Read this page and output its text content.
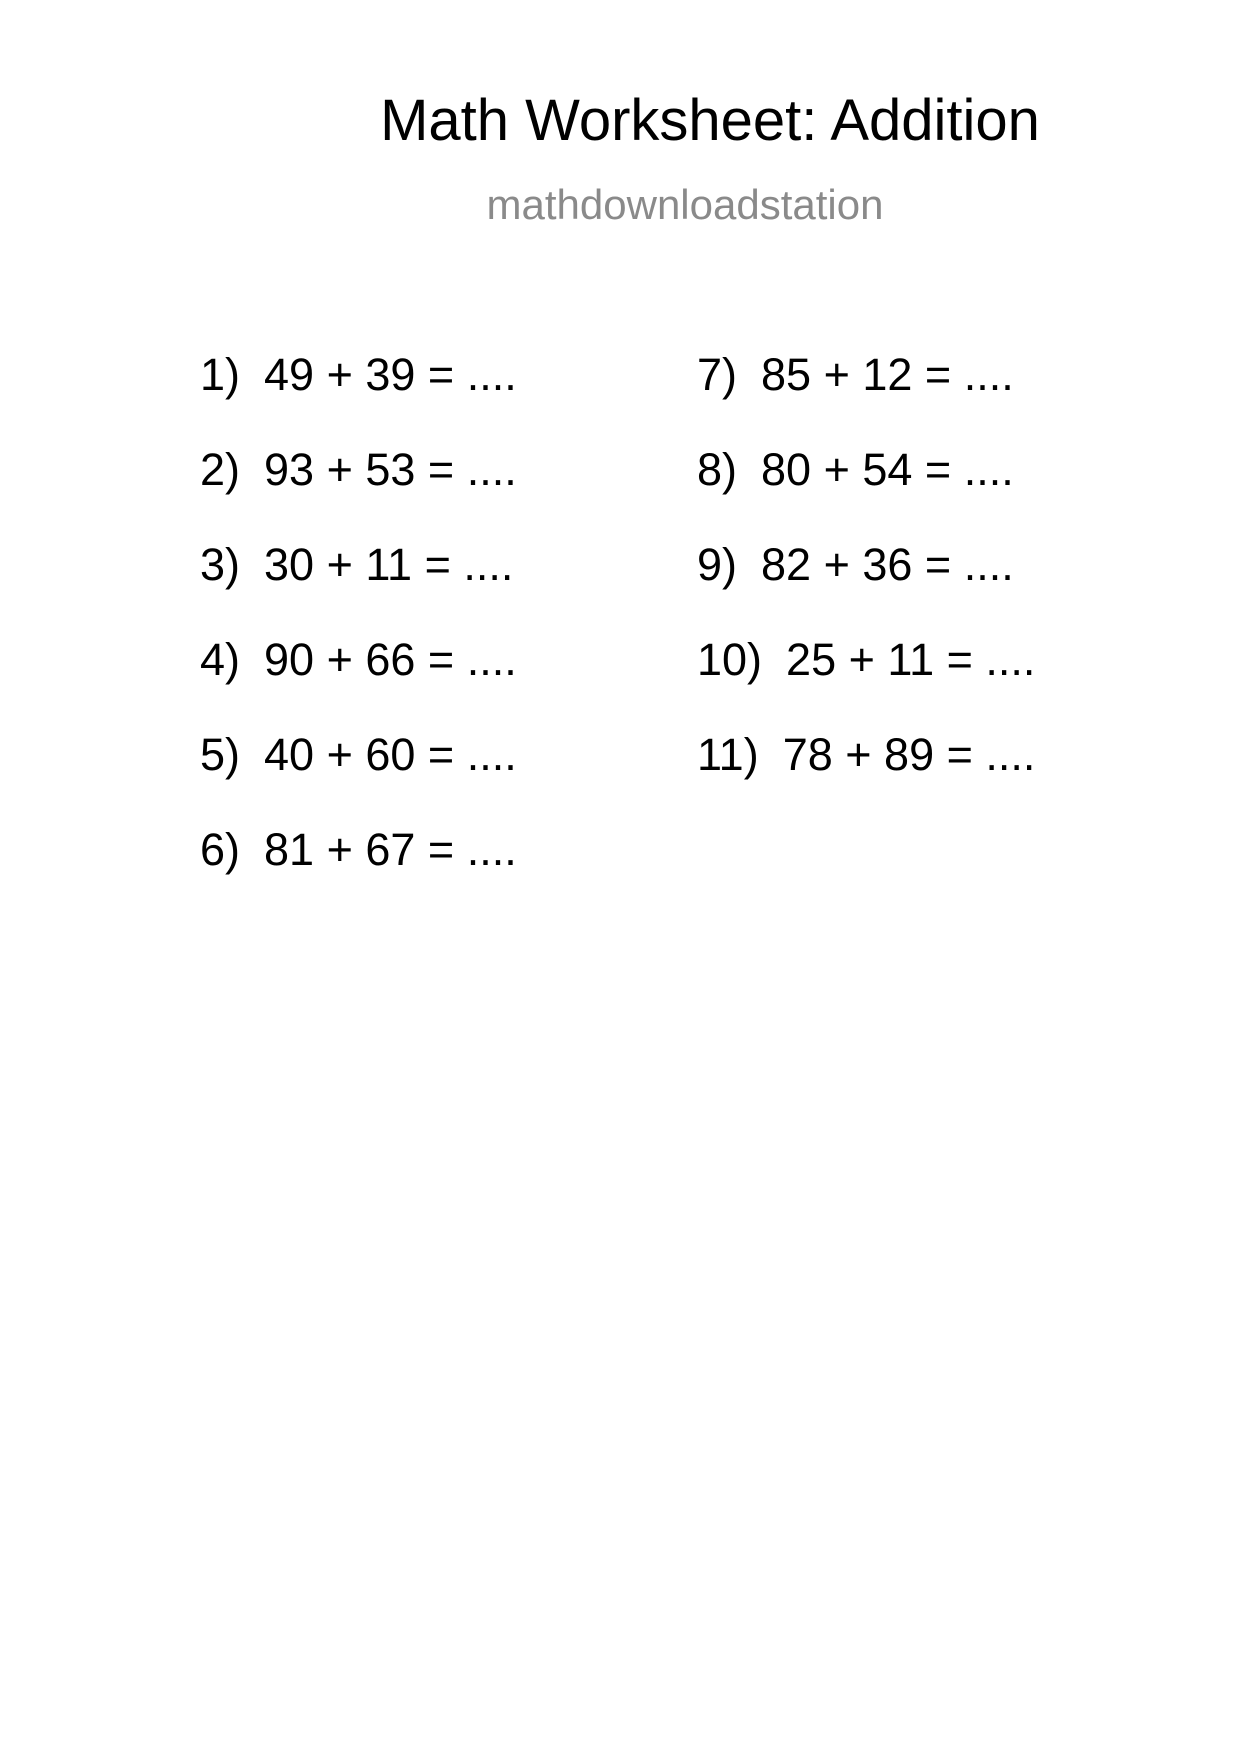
Math Worksheet: Addition
mathdownloadstation
1) 49 + 39 = ....
2) 93 + 53 = ....
3) 30 + 11 = ....
4) 90 + 66 = ....
5) 40 + 60 = ....
6) 81 + 67 = ....
7) 85 + 12 = ....
8) 80 + 54 = ....
9) 82 + 36 = ....
10) 25 + 11 = ....
11) 78 + 89 = ....
